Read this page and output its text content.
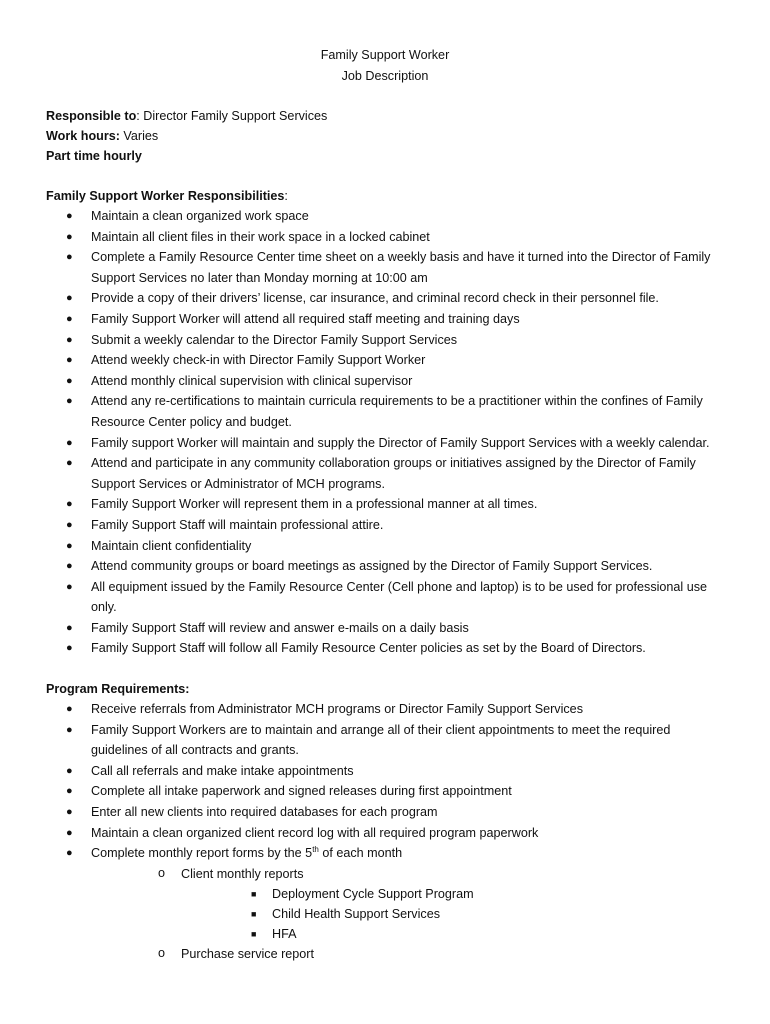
Family Support Worker
Job Description
Responsible to: Director Family Support Services
Work hours: Varies
Part time hourly
Family Support Worker Responsibilities:
● Maintain a clean organized work space
● Maintain all client files in their work space in a locked cabinet
● Complete a Family Resource Center time sheet on a weekly basis and have it turned into the Director of Family Support Services no later than Monday morning at 10:00 am
● Provide a copy of their drivers’ license, car insurance, and criminal record check in their personnel file.
● Family Support Worker will attend all required staff meeting and training days
● Submit a weekly calendar to the Director Family Support Services
● Attend weekly check-in with Director Family Support Worker
● Attend monthly clinical supervision with clinical supervisor
● Attend any re-certifications to maintain curricula requirements to be a practitioner within the confines of Family Resource Center policy and budget.
● Family support Worker will maintain and supply the Director of Family Support Services with a weekly calendar.
● Attend and participate in any community collaboration groups or initiatives assigned by the Director of Family Support Services or Administrator of MCH programs.
● Family Support Worker will represent them in a professional manner at all times.
● Family Support Staff will maintain professional attire.
● Maintain client confidentiality
● Attend community groups or board meetings as assigned by the Director of Family Support Services.
● All equipment issued by the Family Resource Center (Cell phone and laptop) is to be used for professional use only.
● Family Support Staff will review and answer e-mails on a daily basis
● Family Support Staff will follow all Family Resource Center policies as set by the Board of Directors.
Program Requirements:
● Receive referrals from Administrator MCH programs or Director Family Support Services
● Family Support Workers are to maintain and arrange all of their client appointments to meet the required guidelines of all contracts and grants.
● Call all referrals and make intake appointments
● Complete all intake paperwork and signed releases during first appointment
● Enter all new clients into required databases for each program
● Maintain a clean organized client record log with all required program paperwork
● Complete monthly report forms by the 5th of each month
o Client monthly reports
■ Deployment Cycle Support Program
■ Child Health Support Services
■ HFA
o Purchase service report
